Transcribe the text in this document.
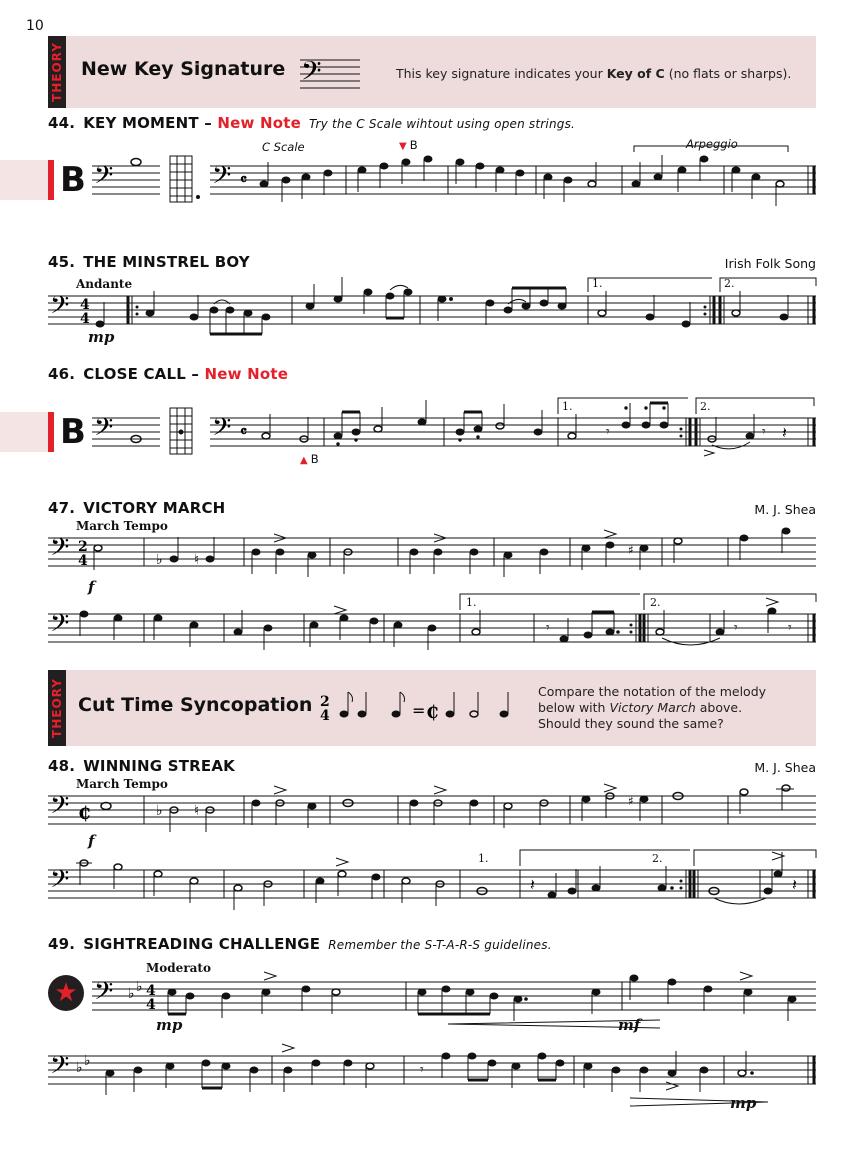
10
THEORY New Key Signature 𝄢	This key signature indicates your Key of C (no flats or sharps).
44. KEY MOMENT – New Note Try the C Scale wihtout using open strings.
B
C Scale	Arpeggio
▼ B
𝄢	𝄢 𝄴
45. THE MINSTREL BOY	Irish Folk Song
Andante
mp
1.	2.
𝄢 4
4
46. CLOSE CALL – New Note
B
▲ B
1.	2.
𝄢	𝄢 𝄴	𝄾	𝄾 𝄽
47. VICTORY MARCH	M. J. Shea
March Tempo
f
𝄢 2
4	♭ ♮
♯
1.	2.
𝄢	𝄾	𝄾	𝄾
THEORY Cut Time Syncopation 2
4	= ₵
Compare the notation of the melody
below with Victory March above.
Should they sound the same?
48. WINNING STREAK	M. J. Shea
March Tempo
f
𝄢 ₵	♭ ♮
♯
1.	2.
𝄢	𝄽	𝄽
49. SIGHTREADING CHALLENGE Remember the S-T-A-R-S guidelines.
★
Moderato
mp	mf
mp
𝄢 ♭ ♭ 4
4
𝄢 ♭ ♭
𝄾
